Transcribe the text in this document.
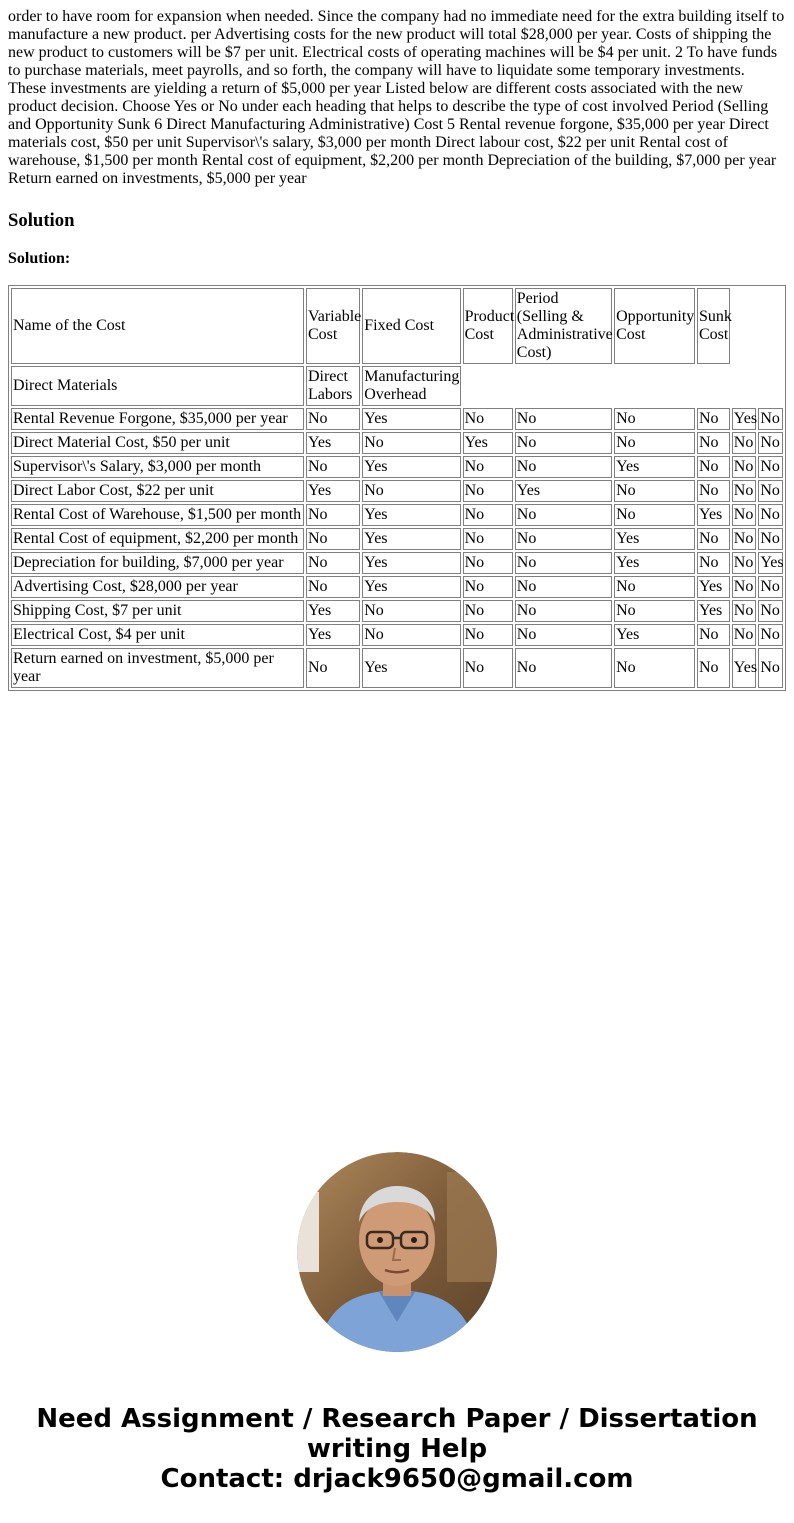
order to have room for expansion when needed. Since the company had no immediate need for the extra building itself to manufacture a new product. per Advertising costs for the new product will total $28,000 per year. Costs of shipping the new product to customers will be $7 per unit. Electrical costs of operating machines will be $4 per unit. 2 To have funds to purchase materials, meet payrolls, and so forth, the company will have to liquidate some temporary investments. These investments are yielding a return of $5,000 per year Listed below are different costs associated with the new product decision. Choose Yes or No under each heading that helps to describe the type of cost involved Period (Selling and Opportunity Sunk 6 Direct Manufacturing Administrative) Cost 5 Rental revenue forgone, $35,000 per year Direct materials cost, $50 per unit Supervisor\'s salary, $3,000 per month Direct labour cost, $22 per unit Rental cost of warehouse, $1,500 per month Rental cost of equipment, $2,200 per month Depreciation of the building, $7,000 per year Return earned on investments, $5,000 per year

Solution

Solution:

Name of the Cost	Variable Cost	Fixed Cost	Product Cost	Period (Selling & Administrative Cost)	Opportunity Cost	Sunk Cost		
Direct Materials	Direct Labors	Manufacturing Overhead						
Rental Revenue Forgone, $35,000 per year	No	Yes	No	No	No	No	Yes	No
Direct Material Cost, $50 per unit	Yes	No	Yes	No	No	No	No	No
Supervisor\'s Salary, $3,000 per month	No	Yes	No	No	Yes	No	No	No
Direct Labor Cost, $22 per unit	Yes	No	No	Yes	No	No	No	No
Rental Cost of Warehouse, $1,500 per month	No	Yes	No	No	No	Yes	No	No
Rental Cost of equipment, $2,200 per month	No	Yes	No	No	Yes	No	No	No
Depreciation for building, $7,000 per year	No	Yes	No	No	Yes	No	No	Yes
Advertising Cost, $28,000 per year	No	Yes	No	No	No	Yes	No	No
Shipping Cost, $7 per unit	Yes	No	No	No	No	Yes	No	No
Electrical Cost, $4 per unit	Yes	No	No	No	Yes	No	No	No
Return earned on investment, $5,000 per year	No	Yes	No	No	No	No	Yes	No
Need Assignment / Research Paper / Dissertation writing Help
Contact: drjack9650@gmail.com
